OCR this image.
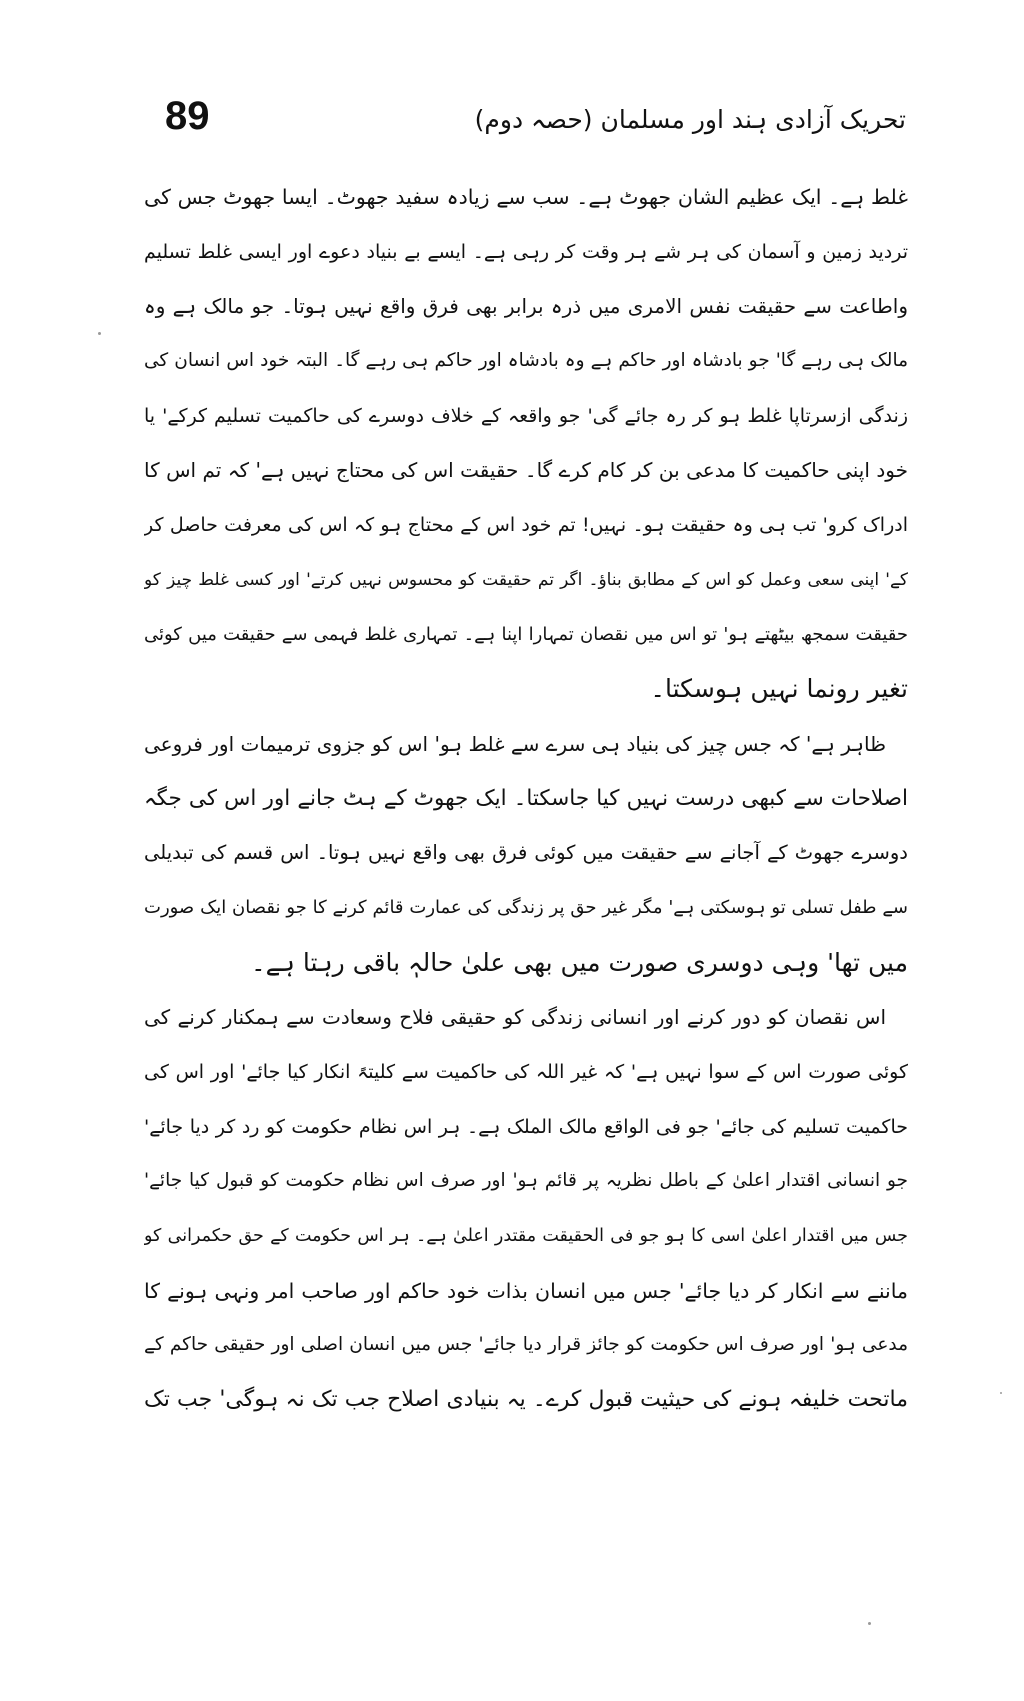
89	تحریک آزادی ہند اور مسلمان (حصہ دوم)
غلط ہے۔ ایک عظیم الشان جھوٹ ہے۔ سب سے زیادہ سفید جھوٹ۔ ایسا جھوٹ جس کی
تردید زمین و آسمان کی ہر شے ہر وقت کر رہی ہے۔ ایسے بے بنیاد دعوے اور ایسی غلط تسلیم
واطاعت سے حقیقت نفس الامری میں ذرہ برابر بھی فرق واقع نہیں ہوتا۔ جو مالک ہے وہ
مالک ہی رہے گا' جو بادشاہ اور حاکم ہے وہ بادشاہ اور حاکم ہی رہے گا۔ البتہ خود اس انسان کی
زندگی ازسرتاپا غلط ہو کر رہ جائے گی' جو واقعہ کے خلاف دوسرے کی حاکمیت تسلیم کرکے' یا
خود اپنی حاکمیت کا مدعی بن کر کام کرے گا۔ حقیقت اس کی محتاج نہیں ہے' کہ تم اس کا
ادراک کرو' تب ہی وہ حقیقت ہو۔ نہیں! تم خود اس کے محتاج ہو کہ اس کی معرفت حاصل کر
کے' اپنی سعی وعمل کو اس کے مطابق بناؤ۔ اگر تم حقیقت کو محسوس نہیں کرتے' اور کسی غلط چیز کو
حقیقت سمجھ بیٹھتے ہو' تو اس میں نقصان تمہارا اپنا ہے۔ تمہاری غلط فہمی سے حقیقت میں کوئی
تغیر رونما نہیں ہوسکتا۔
ظاہر ہے' کہ جس چیز کی بنیاد ہی سرے سے غلط ہو' اس کو جزوی ترمیمات اور فروعی
اصلاحات سے کبھی درست نہیں کیا جاسکتا۔ ایک جھوٹ کے ہٹ جانے اور اس کی جگہ
دوسرے جھوٹ کے آجانے سے حقیقت میں کوئی فرق بھی واقع نہیں ہوتا۔ اس قسم کی تبدیلی
سے طفل تسلی تو ہوسکتی ہے' مگر غیر حق پر زندگی کی عمارت قائم کرنے کا جو نقصان ایک صورت
میں تھا' وہی دوسری صورت میں بھی علیٰ حالہٖ باقی رہتا ہے۔
اس نقصان کو دور کرنے اور انسانی زندگی کو حقیقی فلاح وسعادت سے ہمکنار کرنے کی
کوئی صورت اس کے سوا نہیں ہے' کہ غیر اللہ کی حاکمیت سے کلیتہً انکار کیا جائے' اور اس کی
حاکمیت تسلیم کی جائے' جو فی الواقع مالک الملک ہے۔ ہر اس نظام حکومت کو رد کر دیا جائے'
جو انسانی اقتدار اعلیٰ کے باطل نظریہ پر قائم ہو' اور صرف اس نظام حکومت کو قبول کیا جائے'
جس میں اقتدار اعلیٰ اسی کا ہو جو فی الحقیقت مقتدر اعلیٰ ہے۔ ہر اس حکومت کے حق حکمرانی کو
ماننے سے انکار کر دیا جائے' جس میں انسان بذات خود حاکم اور صاحب امر ونہی ہونے کا
مدعی ہو' اور صرف اس حکومت کو جائز قرار دیا جائے' جس میں انسان اصلی اور حقیقی حاکم کے
ماتحت خلیفہ ہونے کی حیثیت قبول کرے۔ یہ بنیادی اصلاح جب تک نہ ہوگی' جب تک
